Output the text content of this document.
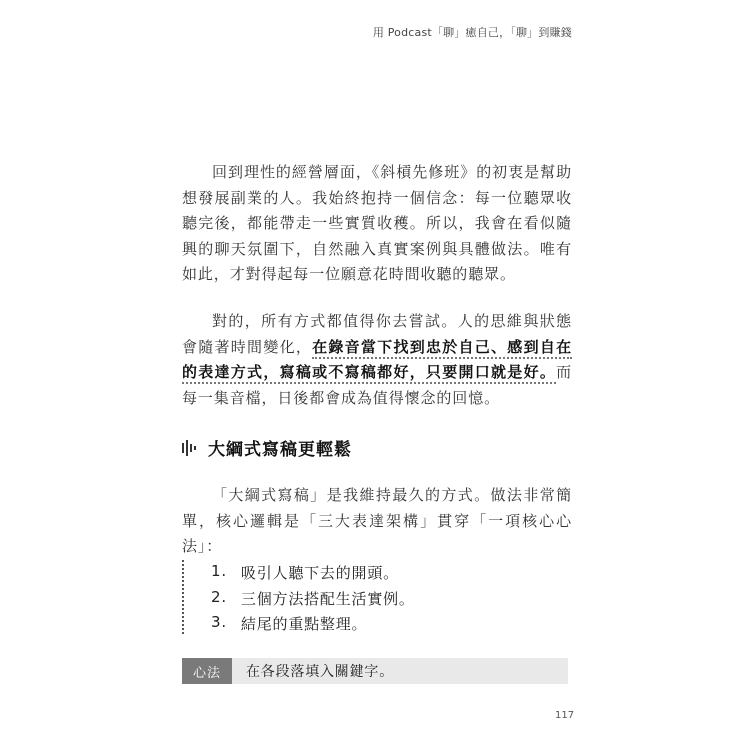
用 Podcast「聊」癒自己，「聊」到賺錢

回到理性的經營層面，《斜槓先修班》的初衷是幫助想發展副業的人。我始終抱持一個信念：每一位聽眾收聽完後，都能帶走一些實質收穫。所以，我會在看似隨興的聊天氛圍下，自然融入真實案例與具體做法。唯有如此，才對得起每一位願意花時間收聽的聽眾。

對的，所有方式都值得你去嘗試。人的思維與狀態會隨著時間變化，在錄音當下找到忠於自己、感到自在的表達方式，寫稿或不寫稿都好，只要開口就是好。而每一集音檔，日後都會成為值得懷念的回憶。

大綱式寫稿更輕鬆

「大綱式寫稿」是我維持最久的方式。做法非常簡單，核心邏輯是「三大表達架構」貫穿「一項核心心法」：

1. 吸引人聽下去的開頭。
2. 三個方法搭配生活實例。
3. 結尾的重點整理。
心法	在各段落填入關鍵字。
117
